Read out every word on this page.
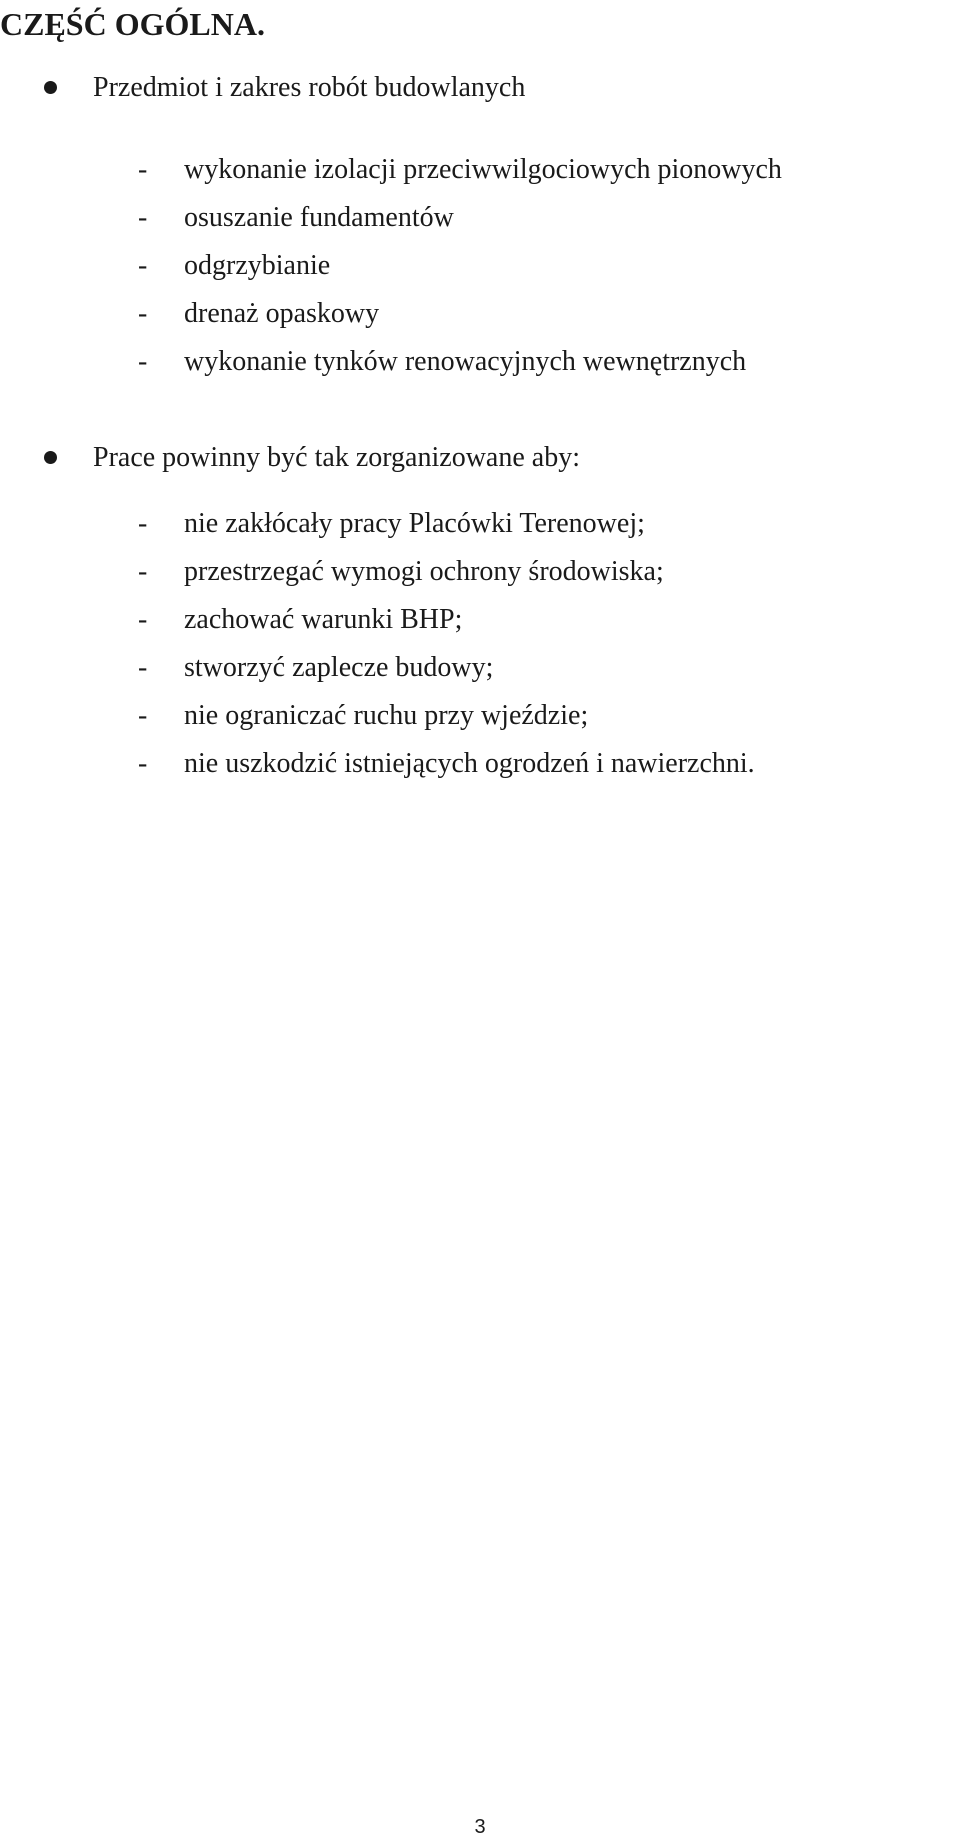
CZĘŚĆ OGÓLNA.
Przedmiot i zakres robót budowlanych
- wykonanie izolacji przeciwwilgociowych pionowych
- osuszanie fundamentów
- odgrzybianie
- drenaż opaskowy
- wykonanie tynków renowacyjnych wewnętrznych
Prace powinny być tak zorganizowane aby:
- nie zakłócały pracy Placówki Terenowej;
- przestrzegać wymogi ochrony środowiska;
- zachować warunki BHP;
- stworzyć zaplecze budowy;
- nie ograniczać ruchu przy wjeździe;
- nie uszkodzić istniejących ogrodzeń i nawierzchni.
3
